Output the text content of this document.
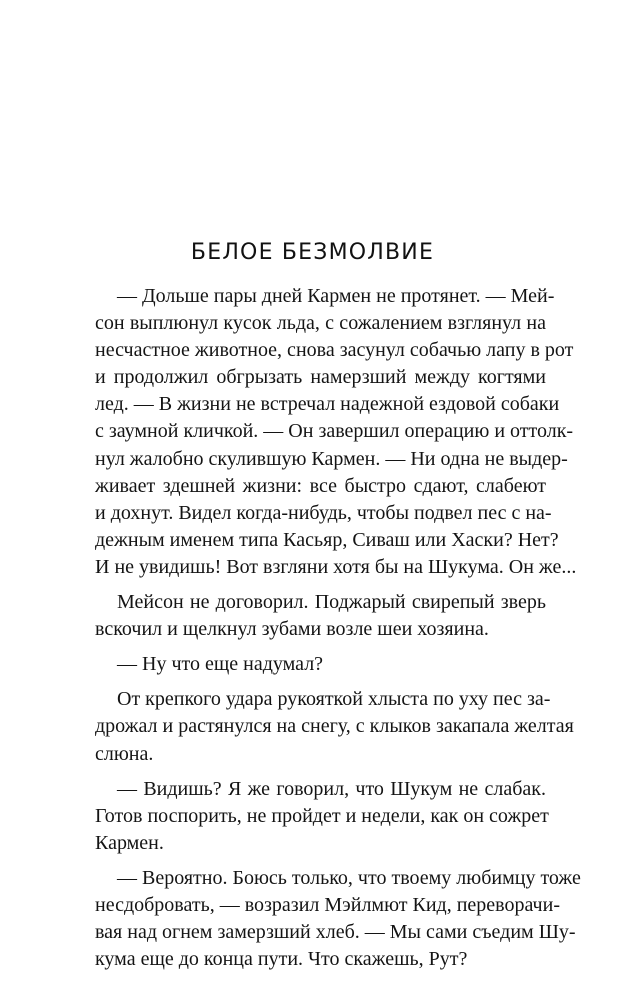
БЕЛОЕ БЕЗМОЛВИЕ
— Дольше пары дней Кармен не протянет. — Мей-
сон выплюнул кусок льда, с сожалением взглянул на
несчастное животное, снова засунул собачью лапу в рот
и продолжил обгрызать намерзший между когтями
лед. — В жизни не встречал надежной ездовой собаки
с заумной кличкой. — Он завершил операцию и оттолк-
нул жалобно скулившую Кармен. — Ни одна не выдер-
живает здешней жизни: все быстро сдают, слабеют
и дохнут. Видел когда-нибудь, чтобы подвел пес с на-
дежным именем типа Касьяр, Сиваш или Хаски? Нет?
И не увидишь! Вот взгляни хотя бы на Шукума. Он же...
Мейсон не договорил. Поджарый свирепый зверь
вскочил и щелкнул зубами возле шеи хозяина.
— Ну что еще надумал?
От крепкого удара рукояткой хлыста по уху пес за-
дрожал и растянулся на снегу, с клыков закапала желтая
слюна.
— Видишь? Я же говорил, что Шукум не слабак.
Готов поспорить, не пройдет и недели, как он сожрет
Кармен.
— Вероятно. Боюсь только, что твоему любимцу тоже
несдобровать, — возразил Мэйлмют Кид, переворачи-
вая над огнем замерзший хлеб. — Мы сами съедим Шу-
кума еще до конца пути. Что скажешь, Рут?
